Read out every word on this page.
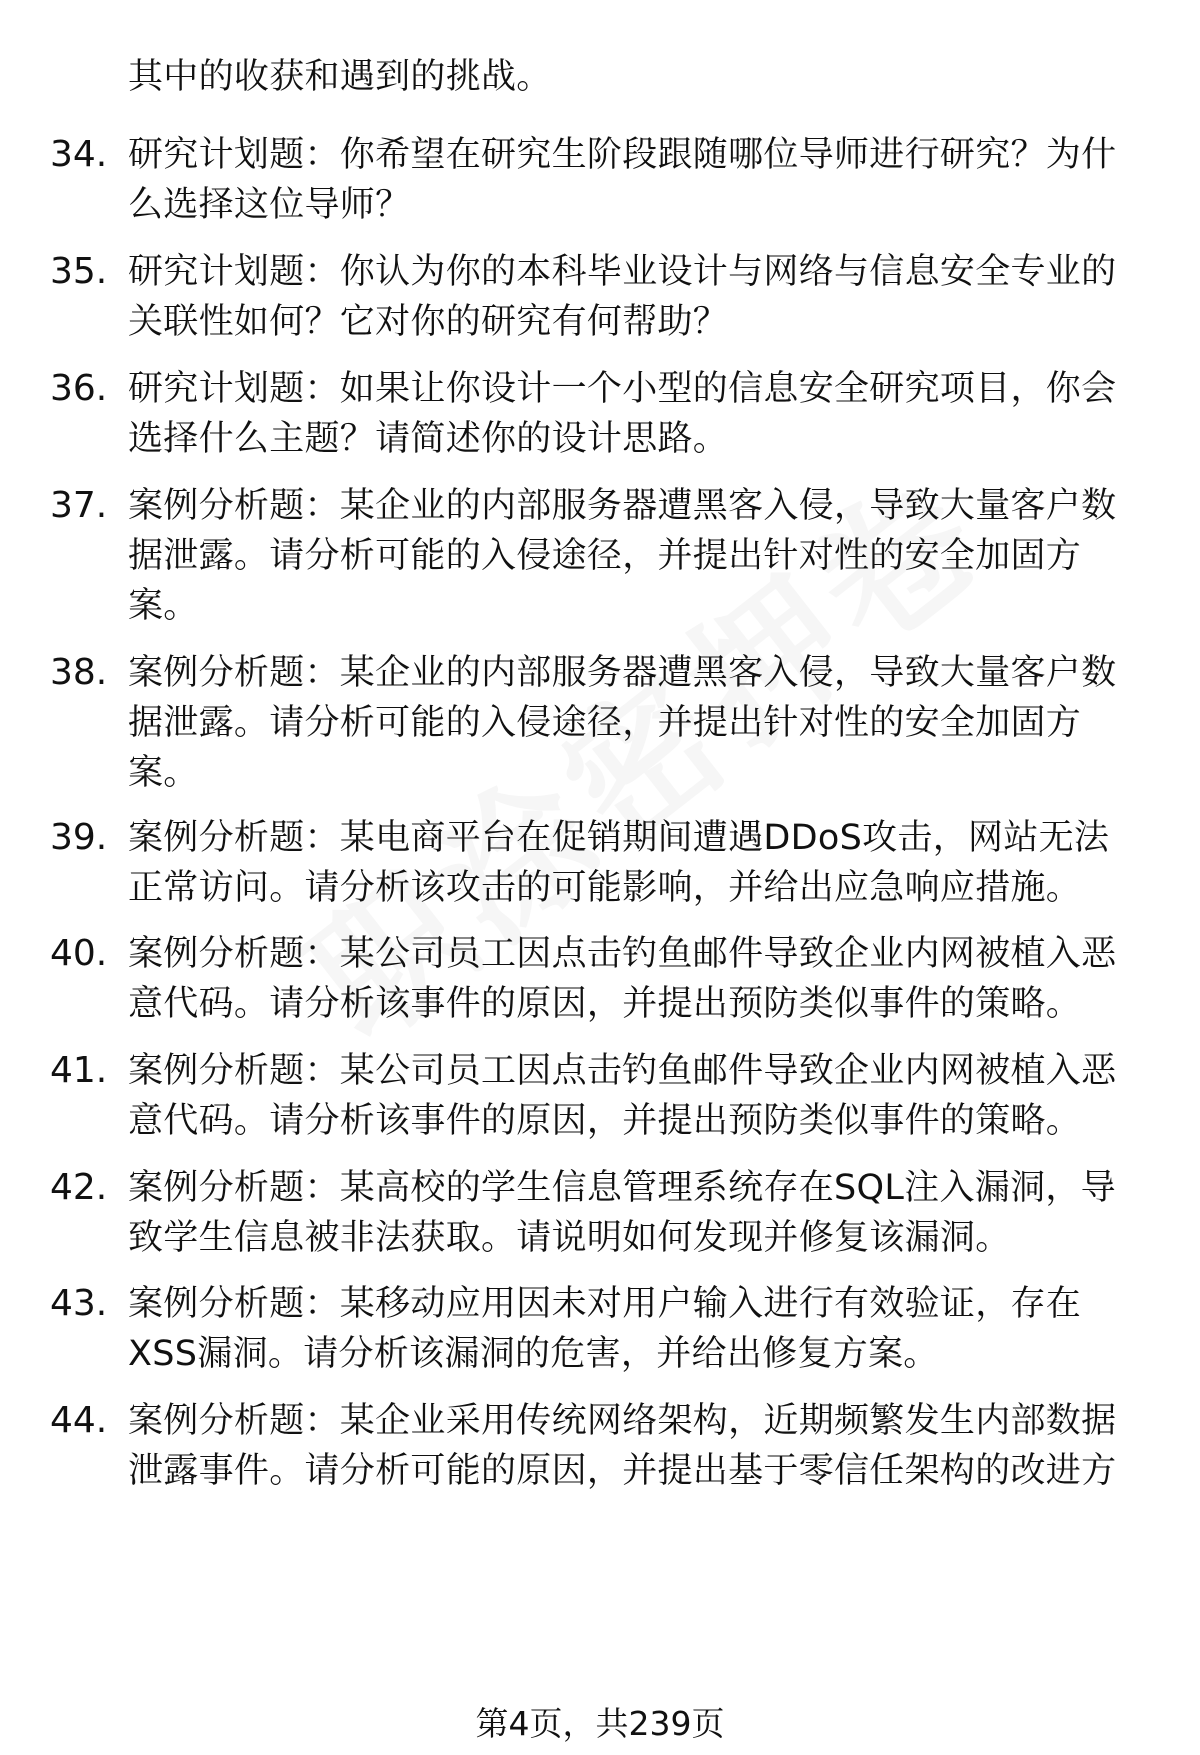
其中的收获和遇到的挑战。
34. 研究计划题：你希望在研究生阶段跟随哪位导师进行研究？为什
么选择这位导师？
35. 研究计划题：你认为你的本科毕业设计与网络与信息安全专业的
关联性如何？它对你的研究有何帮助？
36. 研究计划题：如果让你设计一个小型的信息安全研究项目，你会
选择什么主题？请简述你的设计思路。
37. 案例分析题：某企业的内部服务器遭黑客入侵，导致大量客户数
据泄露。请分析可能的入侵途径，并提出针对性的安全加固方
案。
38. 案例分析题：某企业的内部服务器遭黑客入侵，导致大量客户数
据泄露。请分析可能的入侵途径，并提出针对性的安全加固方
案。
39. 案例分析题：某电商平台在促销期间遭遇DDoS攻击，网站无法
正常访问。请分析该攻击的可能影响，并给出应急响应措施。
40. 案例分析题：某公司员工因点击钓鱼邮件导致企业内网被植入恶
意代码。请分析该事件的原因，并提出预防类似事件的策略。
41. 案例分析题：某公司员工因点击钓鱼邮件导致企业内网被植入恶
意代码。请分析该事件的原因，并提出预防类似事件的策略。
42. 案例分析题：某高校的学生信息管理系统存在SQL注入漏洞，导
致学生信息被非法获取。请说明如何发现并修复该漏洞。
43. 案例分析题：某移动应用因未对用户输入进行有效验证，存在
XSS漏洞。请分析该漏洞的危害，并给出修复方案。
44. 案例分析题：某企业采用传统网络架构，近期频繁发生内部数据
泄露事件。请分析可能的原因，并提出基于零信任架构的改进方
第4页，共239页
